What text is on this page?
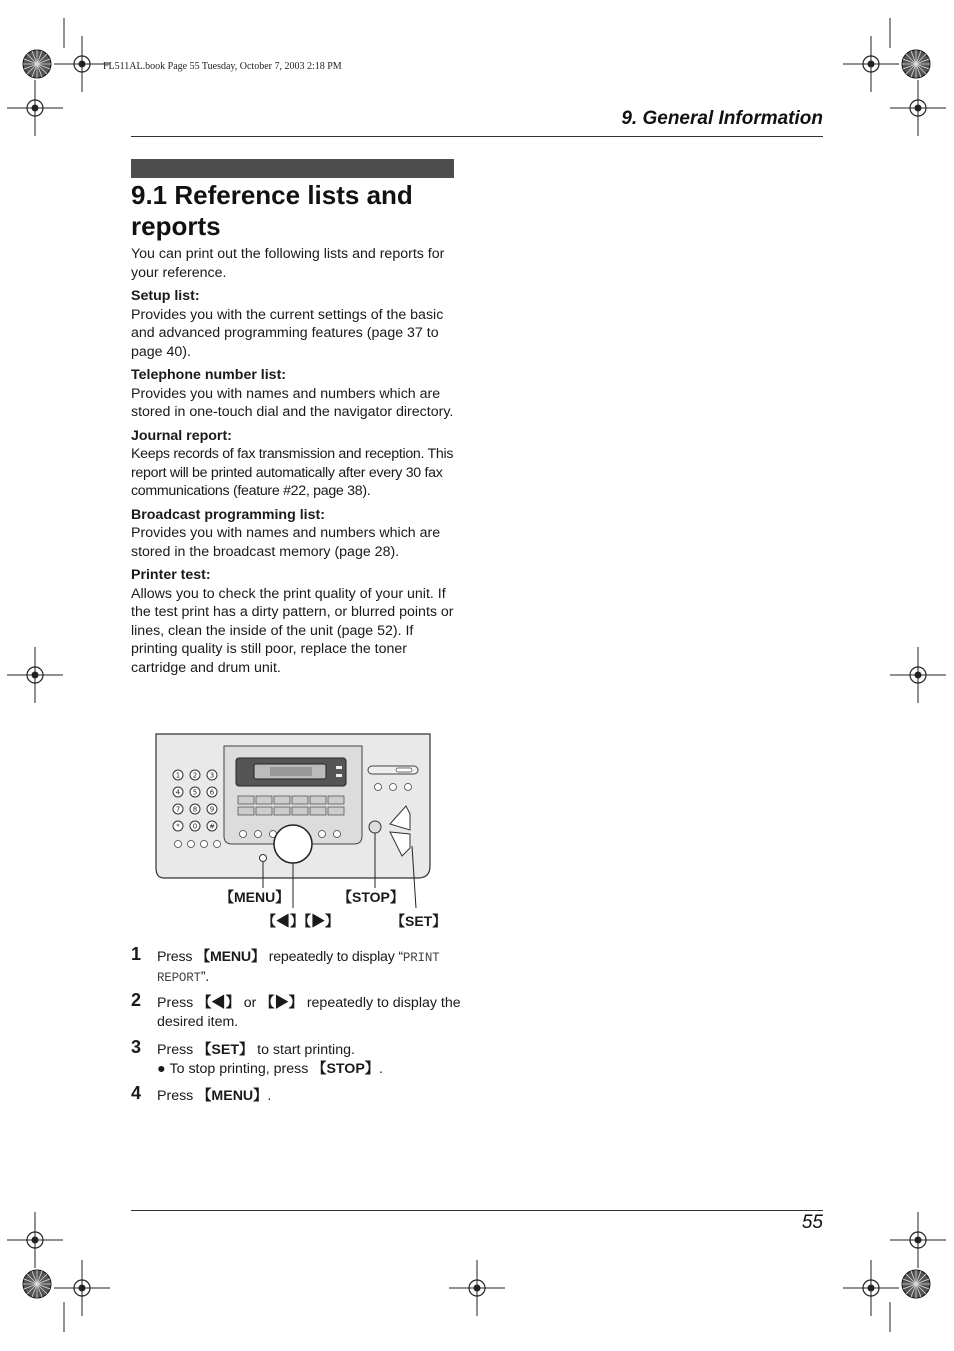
FL511AL.book Page 55 Tuesday, October 7, 2003 2:18 PM
9. General Information
9.1 Reference lists and reports

You can print out the following lists and reports for your reference.

Setup list:

Provides you with the current settings of the basic and advanced programming features (page 37 to page 40).

Telephone number list:

Provides you with names and numbers which are stored in one-touch dial and the navigator directory.

Journal report:

Keeps records of fax transmission and reception. This report will be printed automatically after every 30 fax communications (feature #22, page 38).

Broadcast programming list:

Provides you with names and numbers which are stored in the broadcast memory (page 28).

Printer test:

Allows you to check the print quality of your unit. If the test print has a dirty pattern, or blurred points or lines, clean the inside of the unit (page 52). If printing quality is still poor, replace the toner cartridge and drum unit.

1 2 3
4 5 6
7 8 9
* 0 #
【MENU】	【STOP】
【◀】【▶】	【SET】
1 Press 【MENU】 repeatedly to display “PRINT REPORT”.
2 Press 【◀】 or 【▶】 repeatedly to display the desired item.
3 Press 【SET】 to start printing.
● To stop printing, press 【STOP】.
4 Press 【MENU】.
55
